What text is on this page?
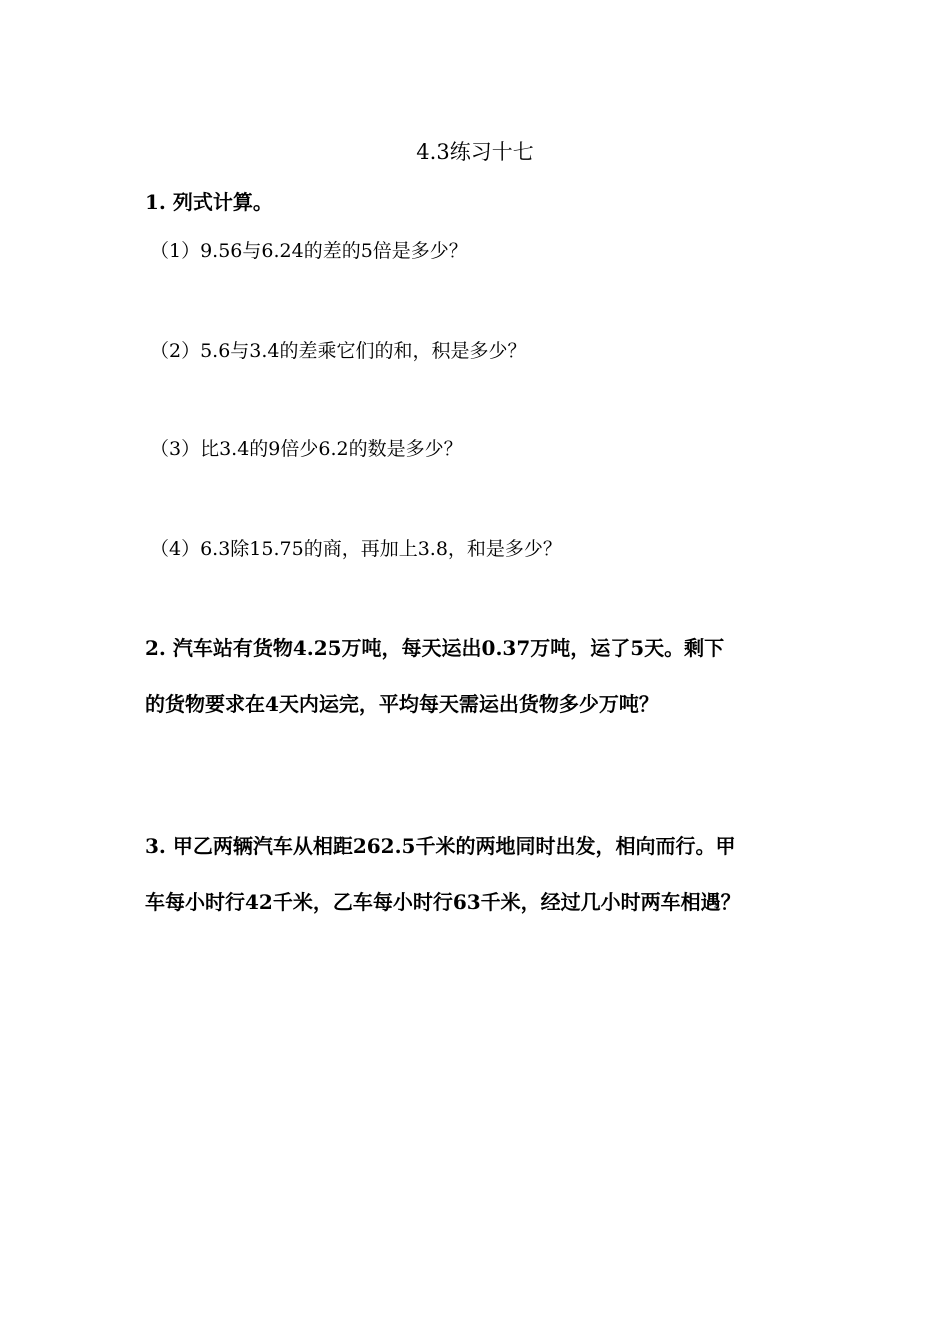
4.3练习十七
1. 列式计算。
（1）9.56与6.24的差的5倍是多少？
（2）5.6与3.4的差乘它们的和，积是多少？
（3）比3.4的9倍少6.2的数是多少？
（4）6.3除15.75的商，再加上3.8，和是多少？
2. 汽车站有货物4.25万吨，每天运出0.37万吨，运了5天。剩下
的货物要求在4天内运完，平均每天需运出货物多少万吨？
3. 甲乙两辆汽车从相距262.5千米的两地同时出发，相向而行。甲
车每小时行42千米，乙车每小时行63千米，经过几小时两车相遇？
